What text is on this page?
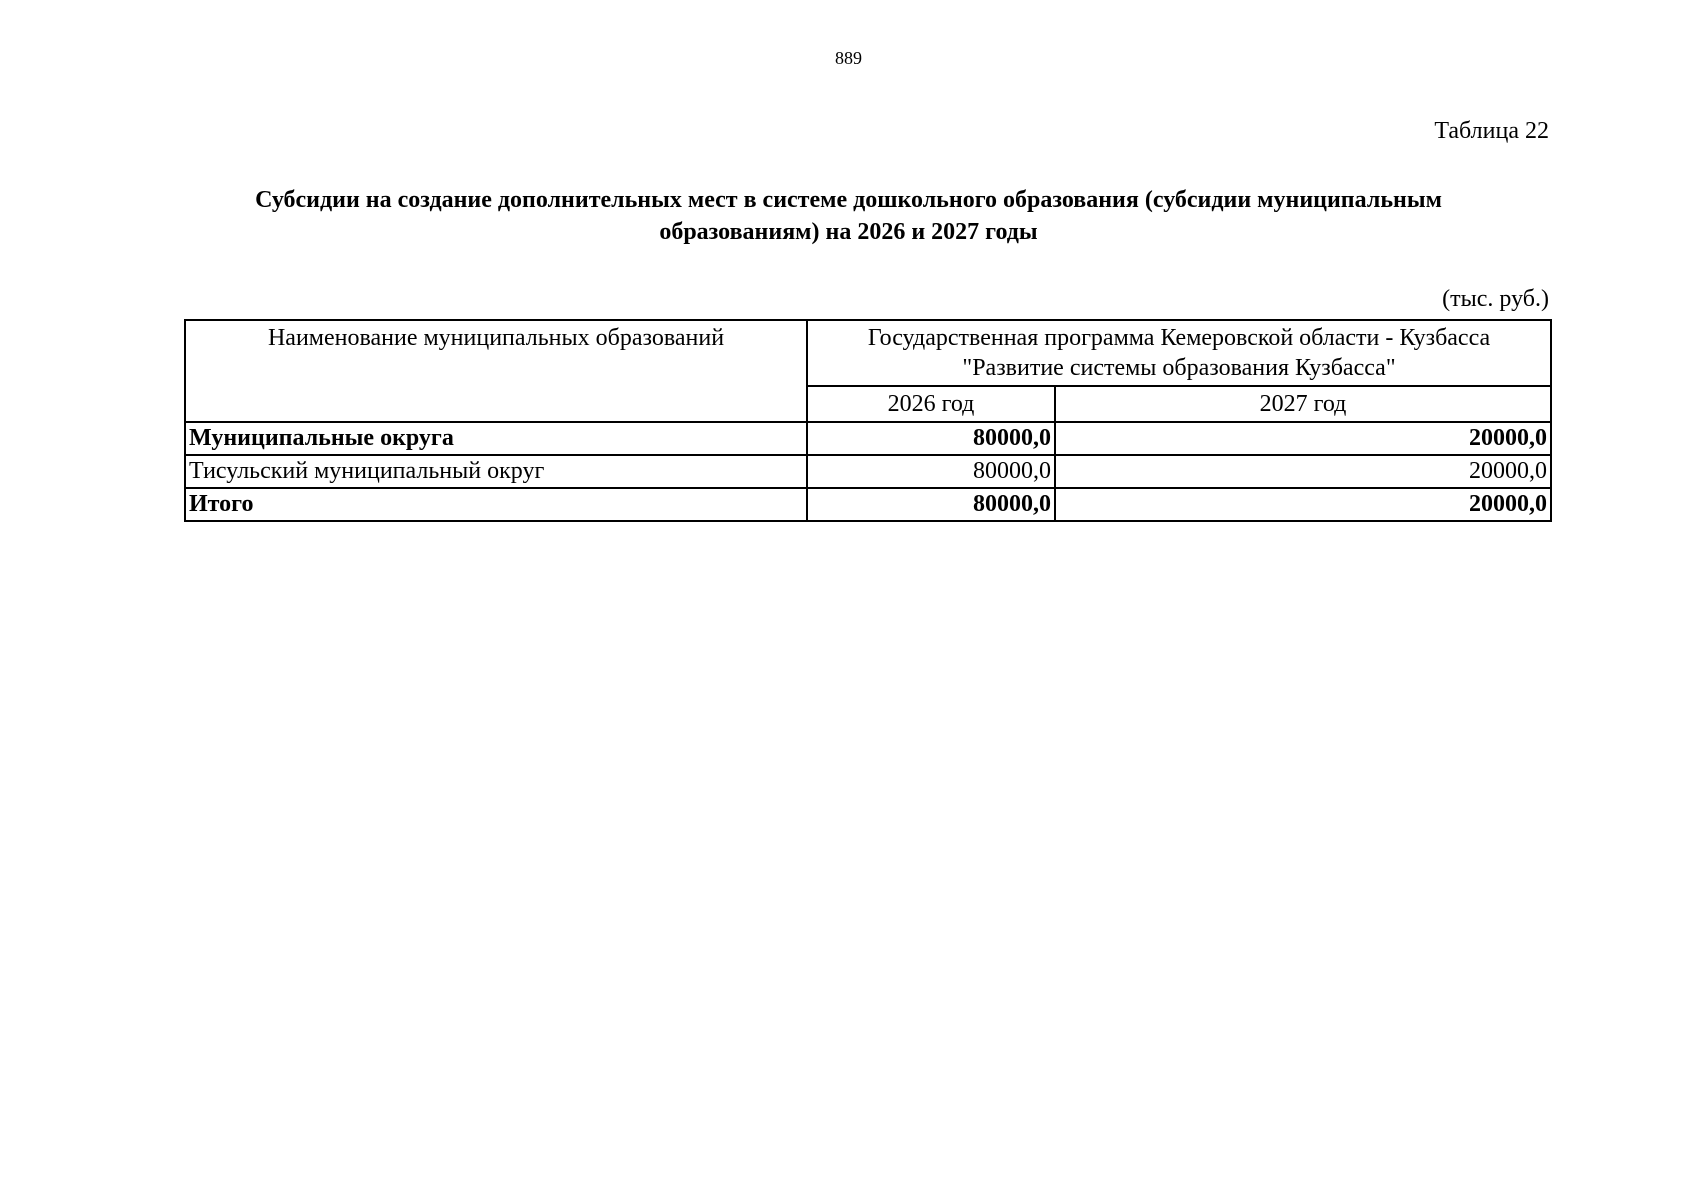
889
Таблица 22
Субсидии на создание дополнительных мест в системе дошкольного образования (субсидии муниципальным
образованиям) на 2026 и 2027 годы
(тыс. руб.)
Наименование муниципальных образований	Государственная программа Кемеровской области - Кузбасса
"Развитие системы образования Кузбасса"	

	2026 год	2027 год
Муниципальные округа	80000,0	20000,0
Тисульский муниципальный округ	80000,0	20000,0
Итого	80000,0	20000,0
